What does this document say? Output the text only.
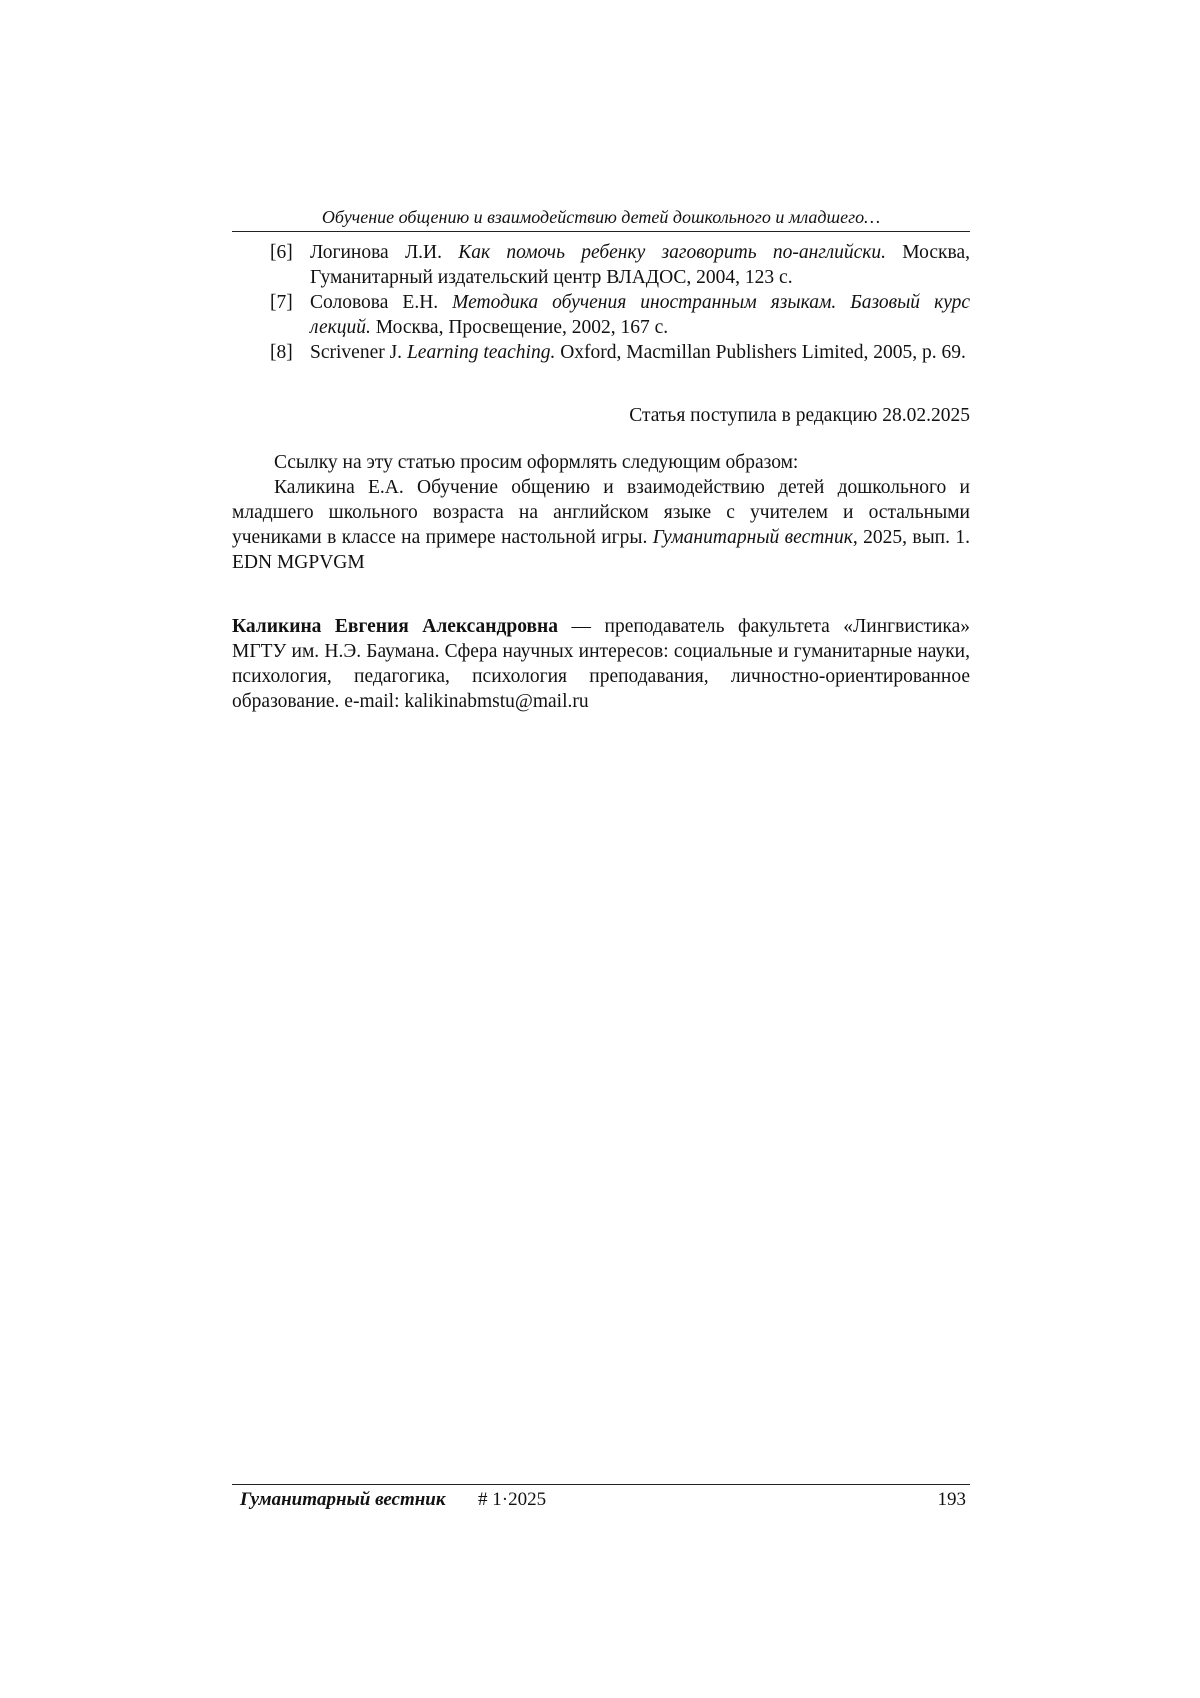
Обучение общению и взаимодействию детей дошкольного и младшего…
[6] Логинова Л.И. Как помочь ребенку заговорить по-английски. Москва, Гуманитарный издательский центр ВЛАДОС, 2004, 123 с.
[7] Соловова Е.Н. Методика обучения иностранным языкам. Базовый курс лекций. Москва, Просвещение, 2002, 167 с.
[8] Scrivener J. Learning teaching. Oxford, Macmillan Publishers Limited, 2005, р. 69.
Статья поступила в редакцию 28.02.2025

Ссылку на эту статью просим оформлять следующим образом:

Каликина Е.А. Обучение общению и взаимодействию детей дошкольного и младшего школьного возраста на английском языке с учителем и остальными учениками в классе на примере настольной игры. Гуманитарный вестник, 2025, вып. 1. EDN MGPVGM

Каликина Евгения Александровна — преподаватель факультета «Лингвистика» МГТУ им. Н.Э. Баумана. Сфера научных интересов: социальные и гуманитарные науки, психология, педагогика, психология преподавания, личностно-ориентированное образование. e-mail: kalikinabmstu@mail.ru

Гуманитарный вестник # 1·2025	193
